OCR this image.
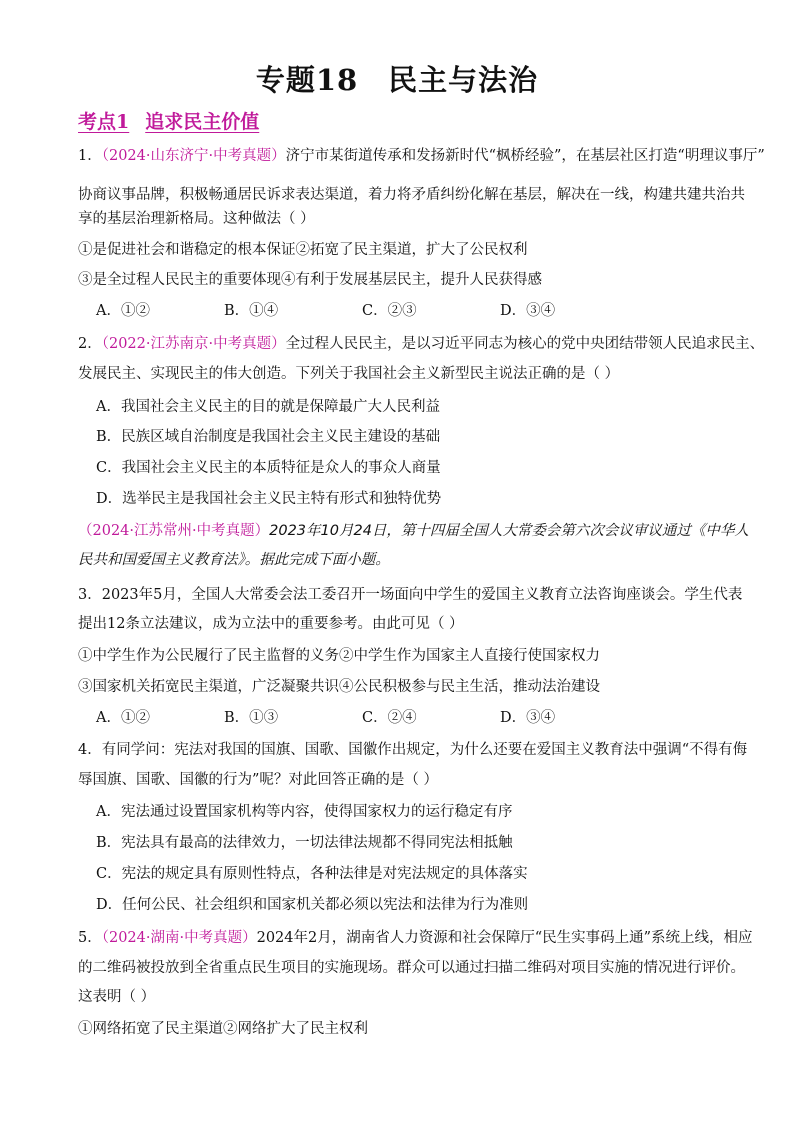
专题18 民主与法治
考点1 追求民主价值
1．（2024·山东济宁·中考真题）济宁市某街道传承和发扬新时代“枫桥经验”，在基层社区打造“明理议事厅”
协商议事品牌，积极畅通居民诉求表达渠道，着力将矛盾纠纷化解在基层，解决在一线，构建共建共治共
享的基层治理新格局。这种做法（ ）
①是促进社会和谐稳定的根本保证②拓宽了民主渠道，扩大了公民权利
③是全过程人民民主的重要体现④有利于发展基层民主，提升人民获得感
A．①②	B．①④	C．②③	D．③④
2．（2022·江苏南京·中考真题）全过程人民民主，是以习近平同志为核心的党中央团结带领人民追求民主、
发展民主、实现民主的伟大创造。下列关于我国社会主义新型民主说法正确的是（ ）
A．我国社会主义民主的目的就是保障最广大人民利益
B．民族区域自治制度是我国社会主义民主建设的基础
C．我国社会主义民主的本质特征是众人的事众人商量
D．选举民主是我国社会主义民主特有形式和独特优势
（2024·江苏常州·中考真题）2023年10月24日，第十四届全国人大常委会第六次会议审议通过《中华人
民共和国爱国主义教育法》。据此完成下面小题。
3．2023年5月，全国人大常委会法工委召开一场面向中学生的爱国主义教育立法咨询座谈会。学生代表
提出12条立法建议，成为立法中的重要参考。由此可见（ ）
①中学生作为公民履行了民主监督的义务②中学生作为国家主人直接行使国家权力
③国家机关拓宽民主渠道，广泛凝聚共识④公民积极参与民主生活，推动法治建设
A．①②	B．①③	C．②④	D．③④
4．有同学问：宪法对我国的国旗、国歌、国徽作出规定，为什么还要在爱国主义教育法中强调“不得有侮
辱国旗、国歌、国徽的行为”呢？对此回答正确的是（ ）
A．宪法通过设置国家机构等内容，使得国家权力的运行稳定有序
B．宪法具有最高的法律效力，一切法律法规都不得同宪法相抵触
C．宪法的规定具有原则性特点，各种法律是对宪法规定的具体落实
D．任何公民、社会组织和国家机关都必须以宪法和法律为行为准则
5．（2024·湖南·中考真题）2024年2月，湖南省人力资源和社会保障厅“民生实事码上通”系统上线，相应
的二维码被投放到全省重点民生项目的实施现场。群众可以通过扫描二维码对项目实施的情况进行评价。
这表明（ ）
①网络拓宽了民主渠道②网络扩大了民主权利
